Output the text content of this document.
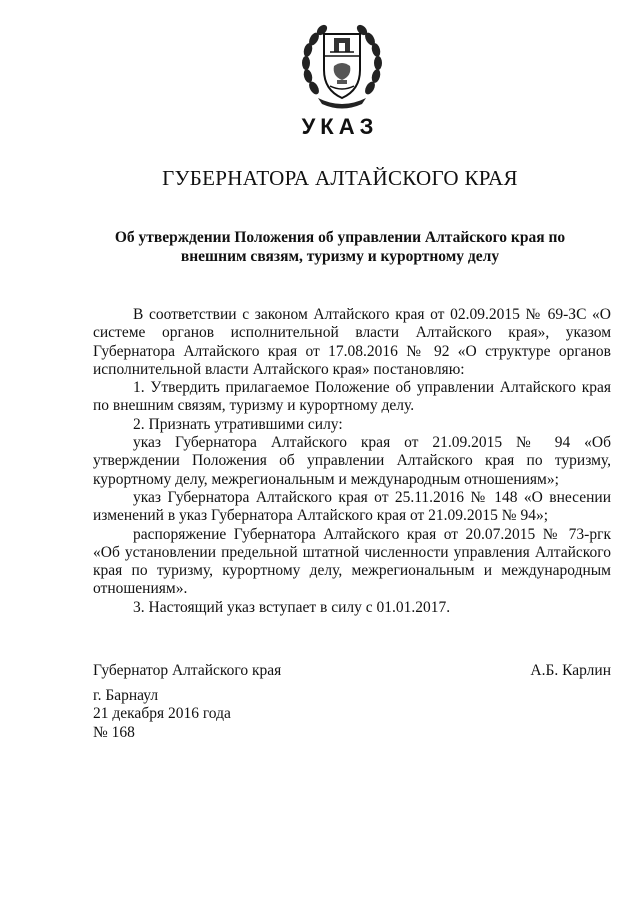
УКАЗ
ГУБЕРНАТОРА АЛТАЙСКОГО КРАЯ
Об утверждении Положения об управлении Алтайского края по
внешним связям, туризму и курортному делу

В соответствии с законом Алтайского края от 02.09.2015 № 69-ЗС «О системе органов исполнительной власти Алтайского края», указом Губернатора Алтайского края от 17.08.2016 № 92 «О структуре органов исполнительной власти Алтайского края» постановляю:

1. Утвердить прилагаемое Положение об управлении Алтайского края по внешним связям, туризму и курортному делу.

2. Признать утратившими силу:

указ Губернатора Алтайского края от 21.09.2015 № 94 «Об утверждении Положения об управлении Алтайского края по туризму, курортному делу, межрегиональным и международным отношениям»;

указ Губернатора Алтайского края от 25.11.2016 № 148 «О внесении изменений в указ Губернатора Алтайского края от 21.09.2015 № 94»;

распоряжение Губернатора Алтайского края от 20.07.2015 № 73-ргк «Об установлении предельной штатной численности управления Алтайского края по туризму, курортному делу, межрегиональным и международным отношениям».

3. Настоящий указ вступает в силу с 01.01.2017.

Губернатор Алтайского края	А.Б. Карлин
г. Барнаул
21 декабря 2016 года
№ 168
